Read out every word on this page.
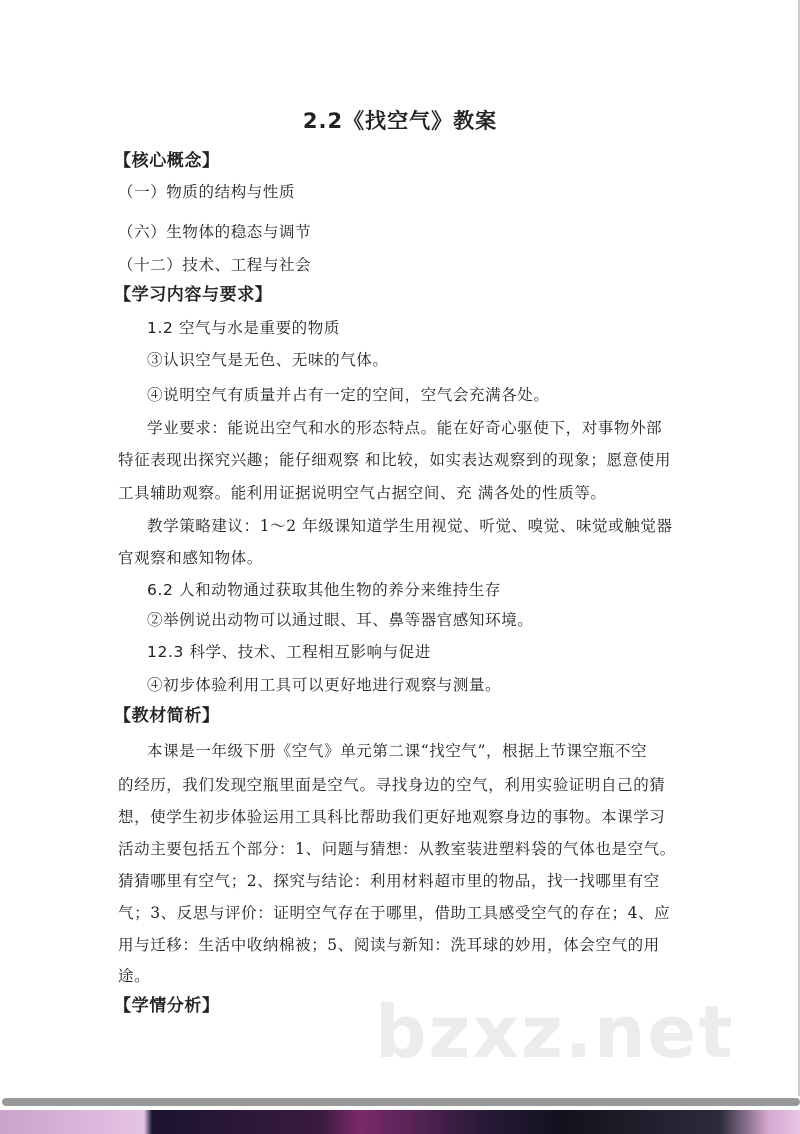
2.2《找空气》教案
【核心概念】
（一）物质的结构与性质
（六）生物体的稳态与调节
（十二）技术、工程与社会
【学习内容与要求】
1.2 空气与水是重要的物质
③认识空气是无色、无味的气体。
④说明空气有质量并占有一定的空间，空气会充满各处。
学业要求：能说出空气和水的形态特点。能在好奇心驱使下，对事物外部
特征表现出探究兴趣；能仔细观察 和比较，如实表达观察到的现象；愿意使用
工具辅助观察。能利用证据说明空气占据空间、充 满各处的性质等。
教学策略建议：1～2 年级课知道学生用视觉、听觉、嗅觉、味觉或触觉器
官观察和感知物体。
6.2 人和动物通过获取其他生物的养分来维持生存
②举例说出动物可以通过眼、耳、鼻等器官感知环境。
12.3 科学、技术、工程相互影响与促进
④初步体验利用工具可以更好地进行观察与测量。
【教材简析】
本课是一年级下册《空气》单元第二课“找空气”，根据上节课空瓶不空
的经历，我们发现空瓶里面是空气。寻找身边的空气，利用实验证明自己的猜
想，使学生初步体验运用工具科比帮助我们更好地观察身边的事物。本课学习
活动主要包括五个部分：1、问题与猜想：从教室装进塑料袋的气体也是空气。
猜猜哪里有空气；2、探究与结论：利用材料超市里的物品，找一找哪里有空
气；3、反思与评价：证明空气存在于哪里，借助工具感受空气的存在；4、应
用与迁移：生活中收纳棉被；5、阅读与新知：洗耳球的妙用，体会空气的用
途。
【学情分析】 bzxz.net
